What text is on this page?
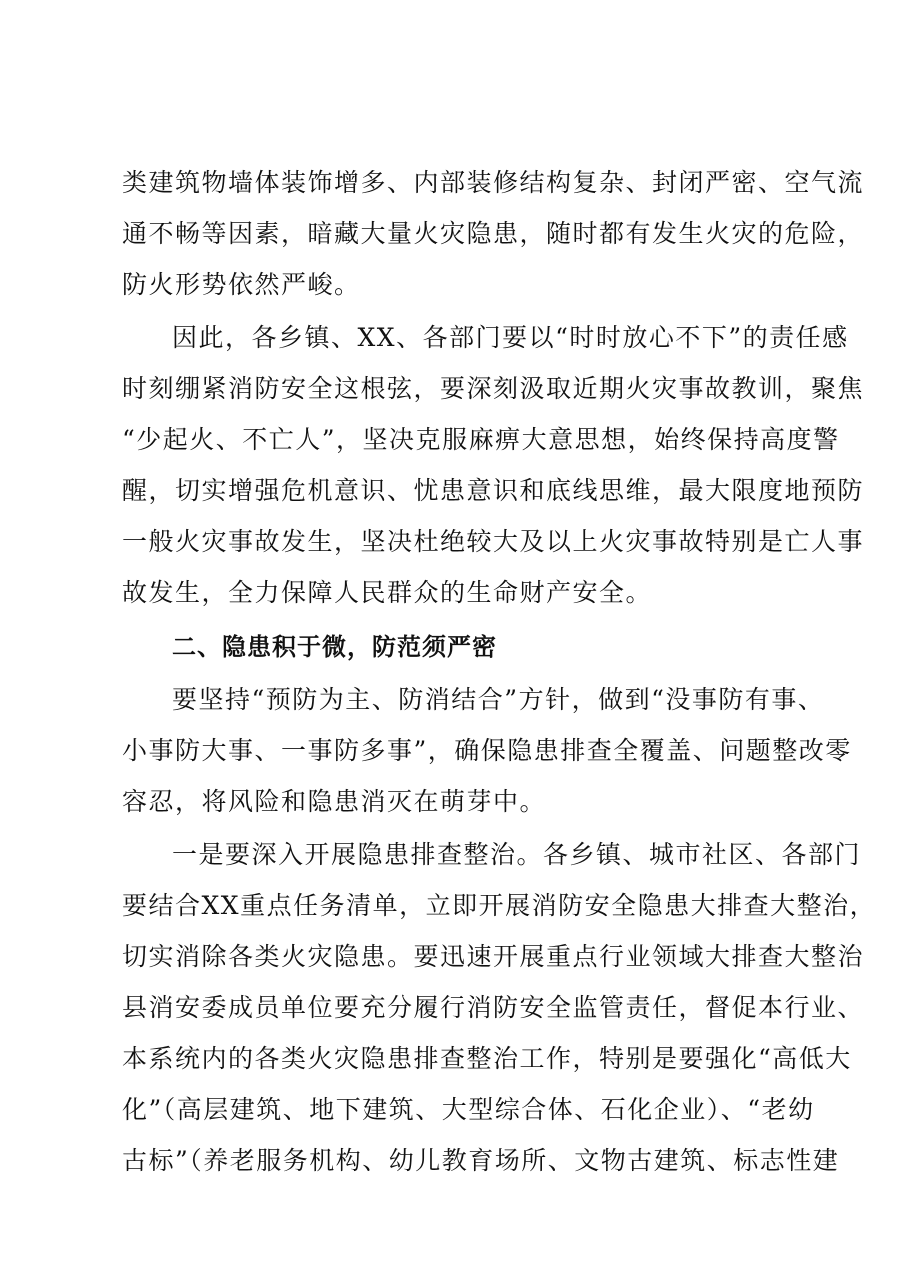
类建筑物墙体装饰增多、内部装修结构复杂、封闭严密、空气流
通不畅等因素，暗藏大量火灾隐患，随时都有发生火灾的危险，
防火形势依然严峻。
因此，各乡镇、XX、各部门要以“时时放心不下”的责任感
时刻绷紧消防安全这根弦，要深刻汲取近期火灾事故教训，聚焦
“少起火、不亡人”，坚决克服麻痹大意思想，始终保持高度警
醒，切实增强危机意识、忧患意识和底线思维，最大限度地预防
一般火灾事故发生，坚决杜绝较大及以上火灾事故特别是亡人事
故发生，全力保障人民群众的生命财产安全。
二、隐患积于微，防范须严密
要坚持“预防为主、防消结合”方针，做到“没事防有事、
小事防大事、一事防多事”，确保隐患排查全覆盖、问题整改零
容忍，将风险和隐患消灭在萌芽中。
一是要深入开展隐患排查整治。各乡镇、城市社区、各部门
要结合XX重点任务清单，立即开展消防安全隐患大排查大整治，
切实消除各类火灾隐患。要迅速开展重点行业领域大排查大整治
县消安委成员单位要充分履行消防安全监管责任，督促本行业、
本系统内的各类火灾隐患排查整治工作，特别是要强化“高低大
化”（高层建筑、地下建筑、大型综合体、石化企业）、“老幼
古标”（养老服务机构、幼儿教育场所、文物古建筑、标志性建
